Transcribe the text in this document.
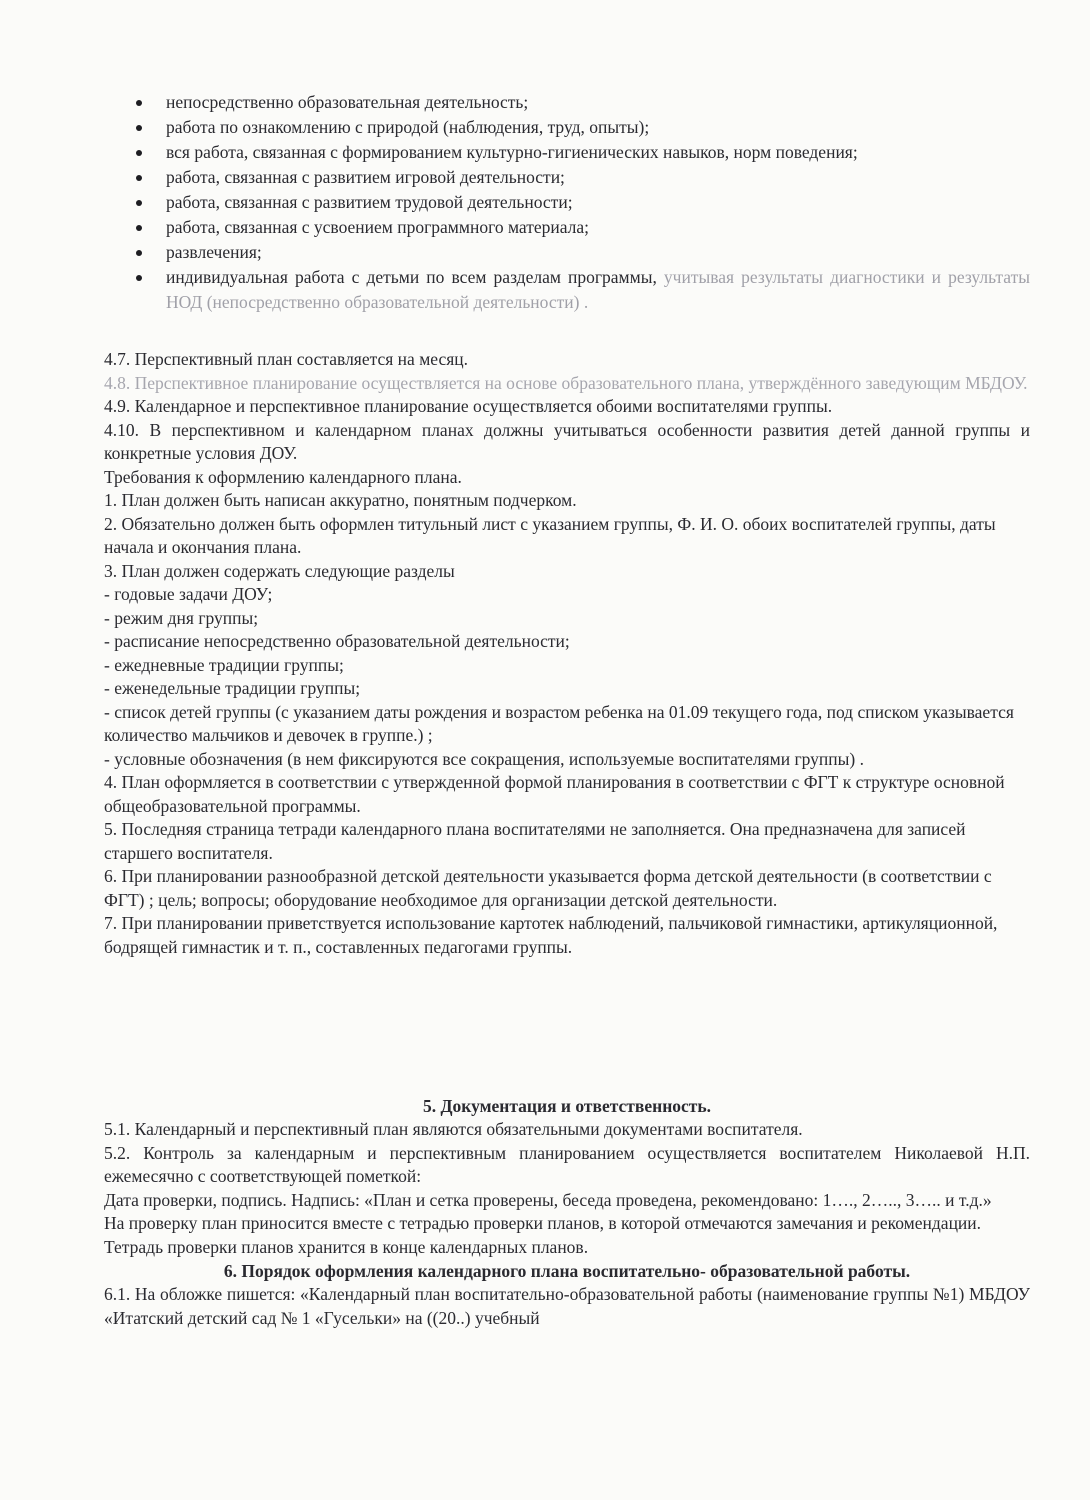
непосредственно образовательная деятельность;
работа по ознакомлению с природой (наблюдения, труд, опыты);
вся работа, связанная с формированием культурно-гигиенических навыков, норм поведения;
работа, связанная с развитием игровой деятельности;
работа, связанная с развитием трудовой деятельности;
работа, связанная с усвоением программного материала;
развлечения;
индивидуальная работа с детьми по всем разделам программы, учитывая результаты диагностики и результаты НОД (непосредственно образовательной деятельности) .

4.7. Перспективный план составляется на месяц.

4.8. Перспективное планирование осуществляется на основе образовательного плана, утверждённого заведующим МБДОУ.

4.9. Календарное и перспективное планирование осуществляется обоими воспитателями группы.

4.10. В перспективном и календарном планах должны учитываться особенности развития детей данной группы и конкретные условия ДОУ.

Требования к оформлению календарного плана.

1. План должен быть написан аккуратно, понятным подчерком.

2. Обязательно должен быть оформлен титульный лист с указанием группы, Ф. И. О. обоих воспитателей группы, даты начала и окончания плана.

3. План должен содержать следующие разделы

- годовые задачи ДОУ;

- режим дня группы;

- расписание непосредственно образовательной деятельности;

- ежедневные традиции группы;

- еженедельные традиции группы;

- список детей группы (с указанием даты рождения и возрастом ребенка на 01.09 текущего года, под списком указывается количество мальчиков и девочек в группе.) ;

- условные обозначения (в нем фиксируются все сокращения, используемые воспитателями группы) .

4. План оформляется в соответствии с утвержденной формой планирования в соответствии с ФГТ к структуре основной общеобразовательной программы.

5. Последняя страница тетради календарного плана воспитателями не заполняется. Она предназначена для записей старшего воспитателя.

6. При планировании разнообразной детской деятельности указывается форма детской деятельности (в соответствии с ФГТ) ; цель; вопросы; оборудование необходимое для организации детской деятельности.

7. При планировании приветствуется использование картотек наблюдений, пальчиковой гимнастики, артикуляционной, бодрящей гимнастик и т. п., составленных педагогами группы.

5. Документация и ответственность.

5.1. Календарный и перспективный план являются обязательными документами воспитателя.

5.2. Контроль за календарным и перспективным планированием осуществляется воспитателем Николаевой Н.П. ежемесячно с соответствующей пометкой:

Дата проверки, подпись. Надпись: «План и сетка проверены, беседа проведена, рекомендовано: 1…., 2….., 3….. и т.д.»

На проверку план приносится вместе с тетрадью проверки планов, в которой отмечаются замечания и рекомендации.

Тетрадь проверки планов хранится в конце календарных планов.

6. Порядок оформления календарного плана воспитательно- образовательной работы.

6.1. На обложке пишется: «Календарный план воспитательно-образовательной работы (наименование группы №1) МБДОУ «Итатский детский сад № 1 «Гусельки» на ((20..) учебный
